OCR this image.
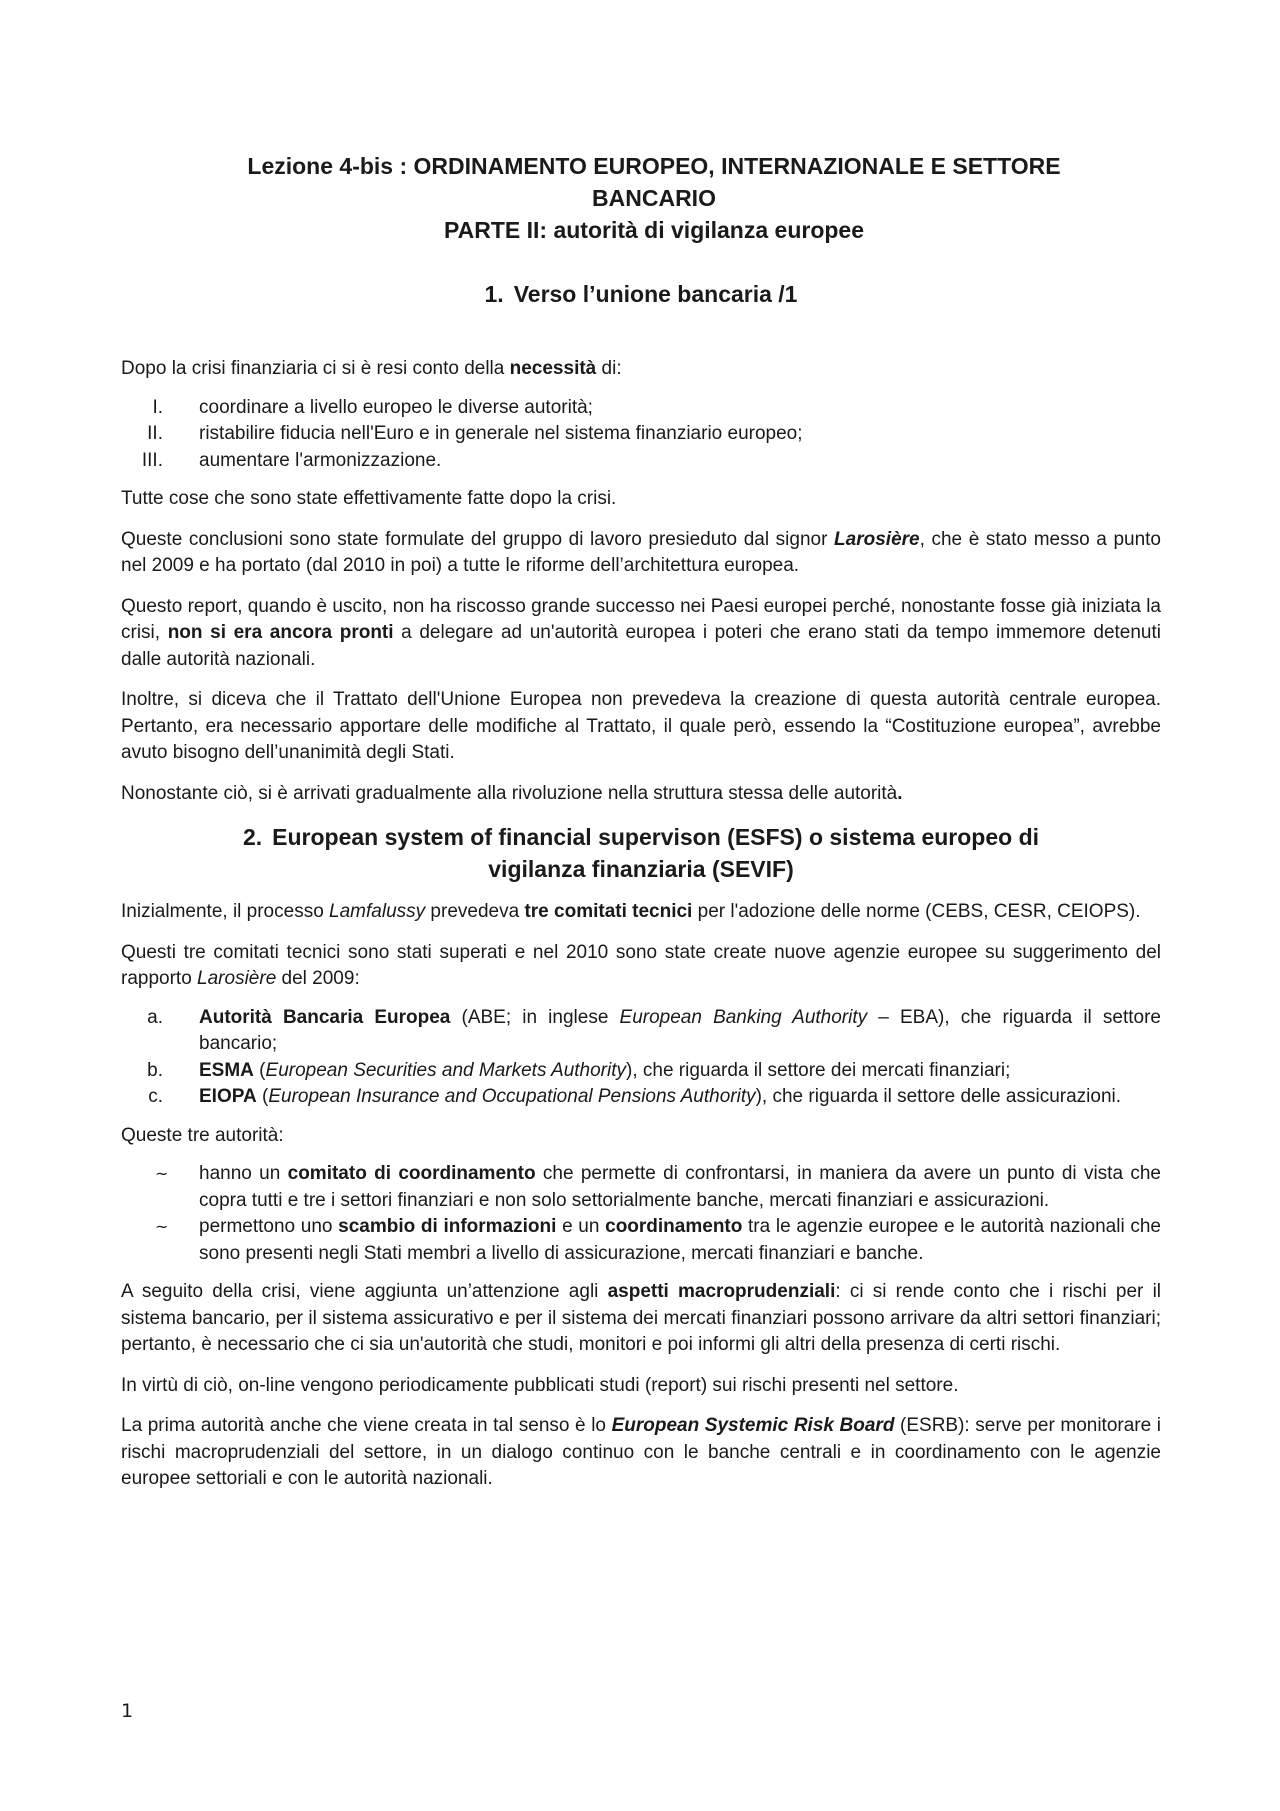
Lezione 4-bis : ORDINAMENTO EUROPEO, INTERNAZIONALE E SETTORE
BANCARIO
PARTE II: autorità di vigilanza europee
1. Verso l’unione bancaria /1

Dopo la crisi finanziaria ci si è resi conto della necessità di:

I. coordinare a livello europeo le diverse autorità;
II. ristabilire fiducia nell'Euro e in generale nel sistema finanziario europeo;
III. aumentare l'armonizzazione.

Tutte cose che sono state effettivamente fatte dopo la crisi.

Queste conclusioni sono state formulate del gruppo di lavoro presieduto dal signor Larosière, che è stato messo a punto nel 2009 e ha portato (dal 2010 in poi) a tutte le riforme dell’architettura europea.

Questo report, quando è uscito, non ha riscosso grande successo nei Paesi europei perché, nonostante fosse già iniziata la crisi, non si era ancora pronti a delegare ad un'autorità europea i poteri che erano stati da tempo immemore detenuti dalle autorità nazionali.

Inoltre, si diceva che il Trattato dell'Unione Europea non prevedeva la creazione di questa autorità centrale europea. Pertanto, era necessario apportare delle modifiche al Trattato, il quale però, essendo la “Costituzione europea”, avrebbe avuto bisogno dell’unanimità degli Stati.

Nonostante ciò, si è arrivati gradualmente alla rivoluzione nella struttura stessa delle autorità.

2. European system of financial supervison (ESFS) o sistema europeo di
vigilanza finanziaria (SEVIF)

Inizialmente, il processo Lamfalussy prevedeva tre comitati tecnici per l'adozione delle norme (CEBS, CESR, CEIOPS).

Questi tre comitati tecnici sono stati superati e nel 2010 sono state create nuove agenzie europee su suggerimento del rapporto Larosière del 2009:

a. Autorità Bancaria Europea (ABE; in inglese European Banking Authority – EBA), che riguarda il settore bancario;
b. ESMA (European Securities and Markets Authority), che riguarda il settore dei mercati finanziari;
c. EIOPA (European Insurance and Occupational Pensions Authority), che riguarda il settore delle assicurazioni.

Queste tre autorità:

~ hanno un comitato di coordinamento che permette di confrontarsi, in maniera da avere un punto di vista che copra tutti e tre i settori finanziari e non solo settorialmente banche, mercati finanziari e assicurazioni.
~ permettono uno scambio di informazioni e un coordinamento tra le agenzie europee e le autorità nazionali che sono presenti negli Stati membri a livello di assicurazione, mercati finanziari e banche.

A seguito della crisi, viene aggiunta un’attenzione agli aspetti macroprudenziali: ci si rende conto che i rischi per il sistema bancario, per il sistema assicurativo e per il sistema dei mercati finanziari possono arrivare da altri settori finanziari; pertanto, è necessario che ci sia un'autorità che studi, monitori e poi informi gli altri della presenza di certi rischi.

In virtù di ciò, on-line vengono periodicamente pubblicati studi (report) sui rischi presenti nel settore.

La prima autorità anche che viene creata in tal senso è lo European Systemic Risk Board (ESRB): serve per monitorare i rischi macroprudenziali del settore, in un dialogo continuo con le banche centrali e in coordinamento con le agenzie europee settoriali e con le autorità nazionali.

1
